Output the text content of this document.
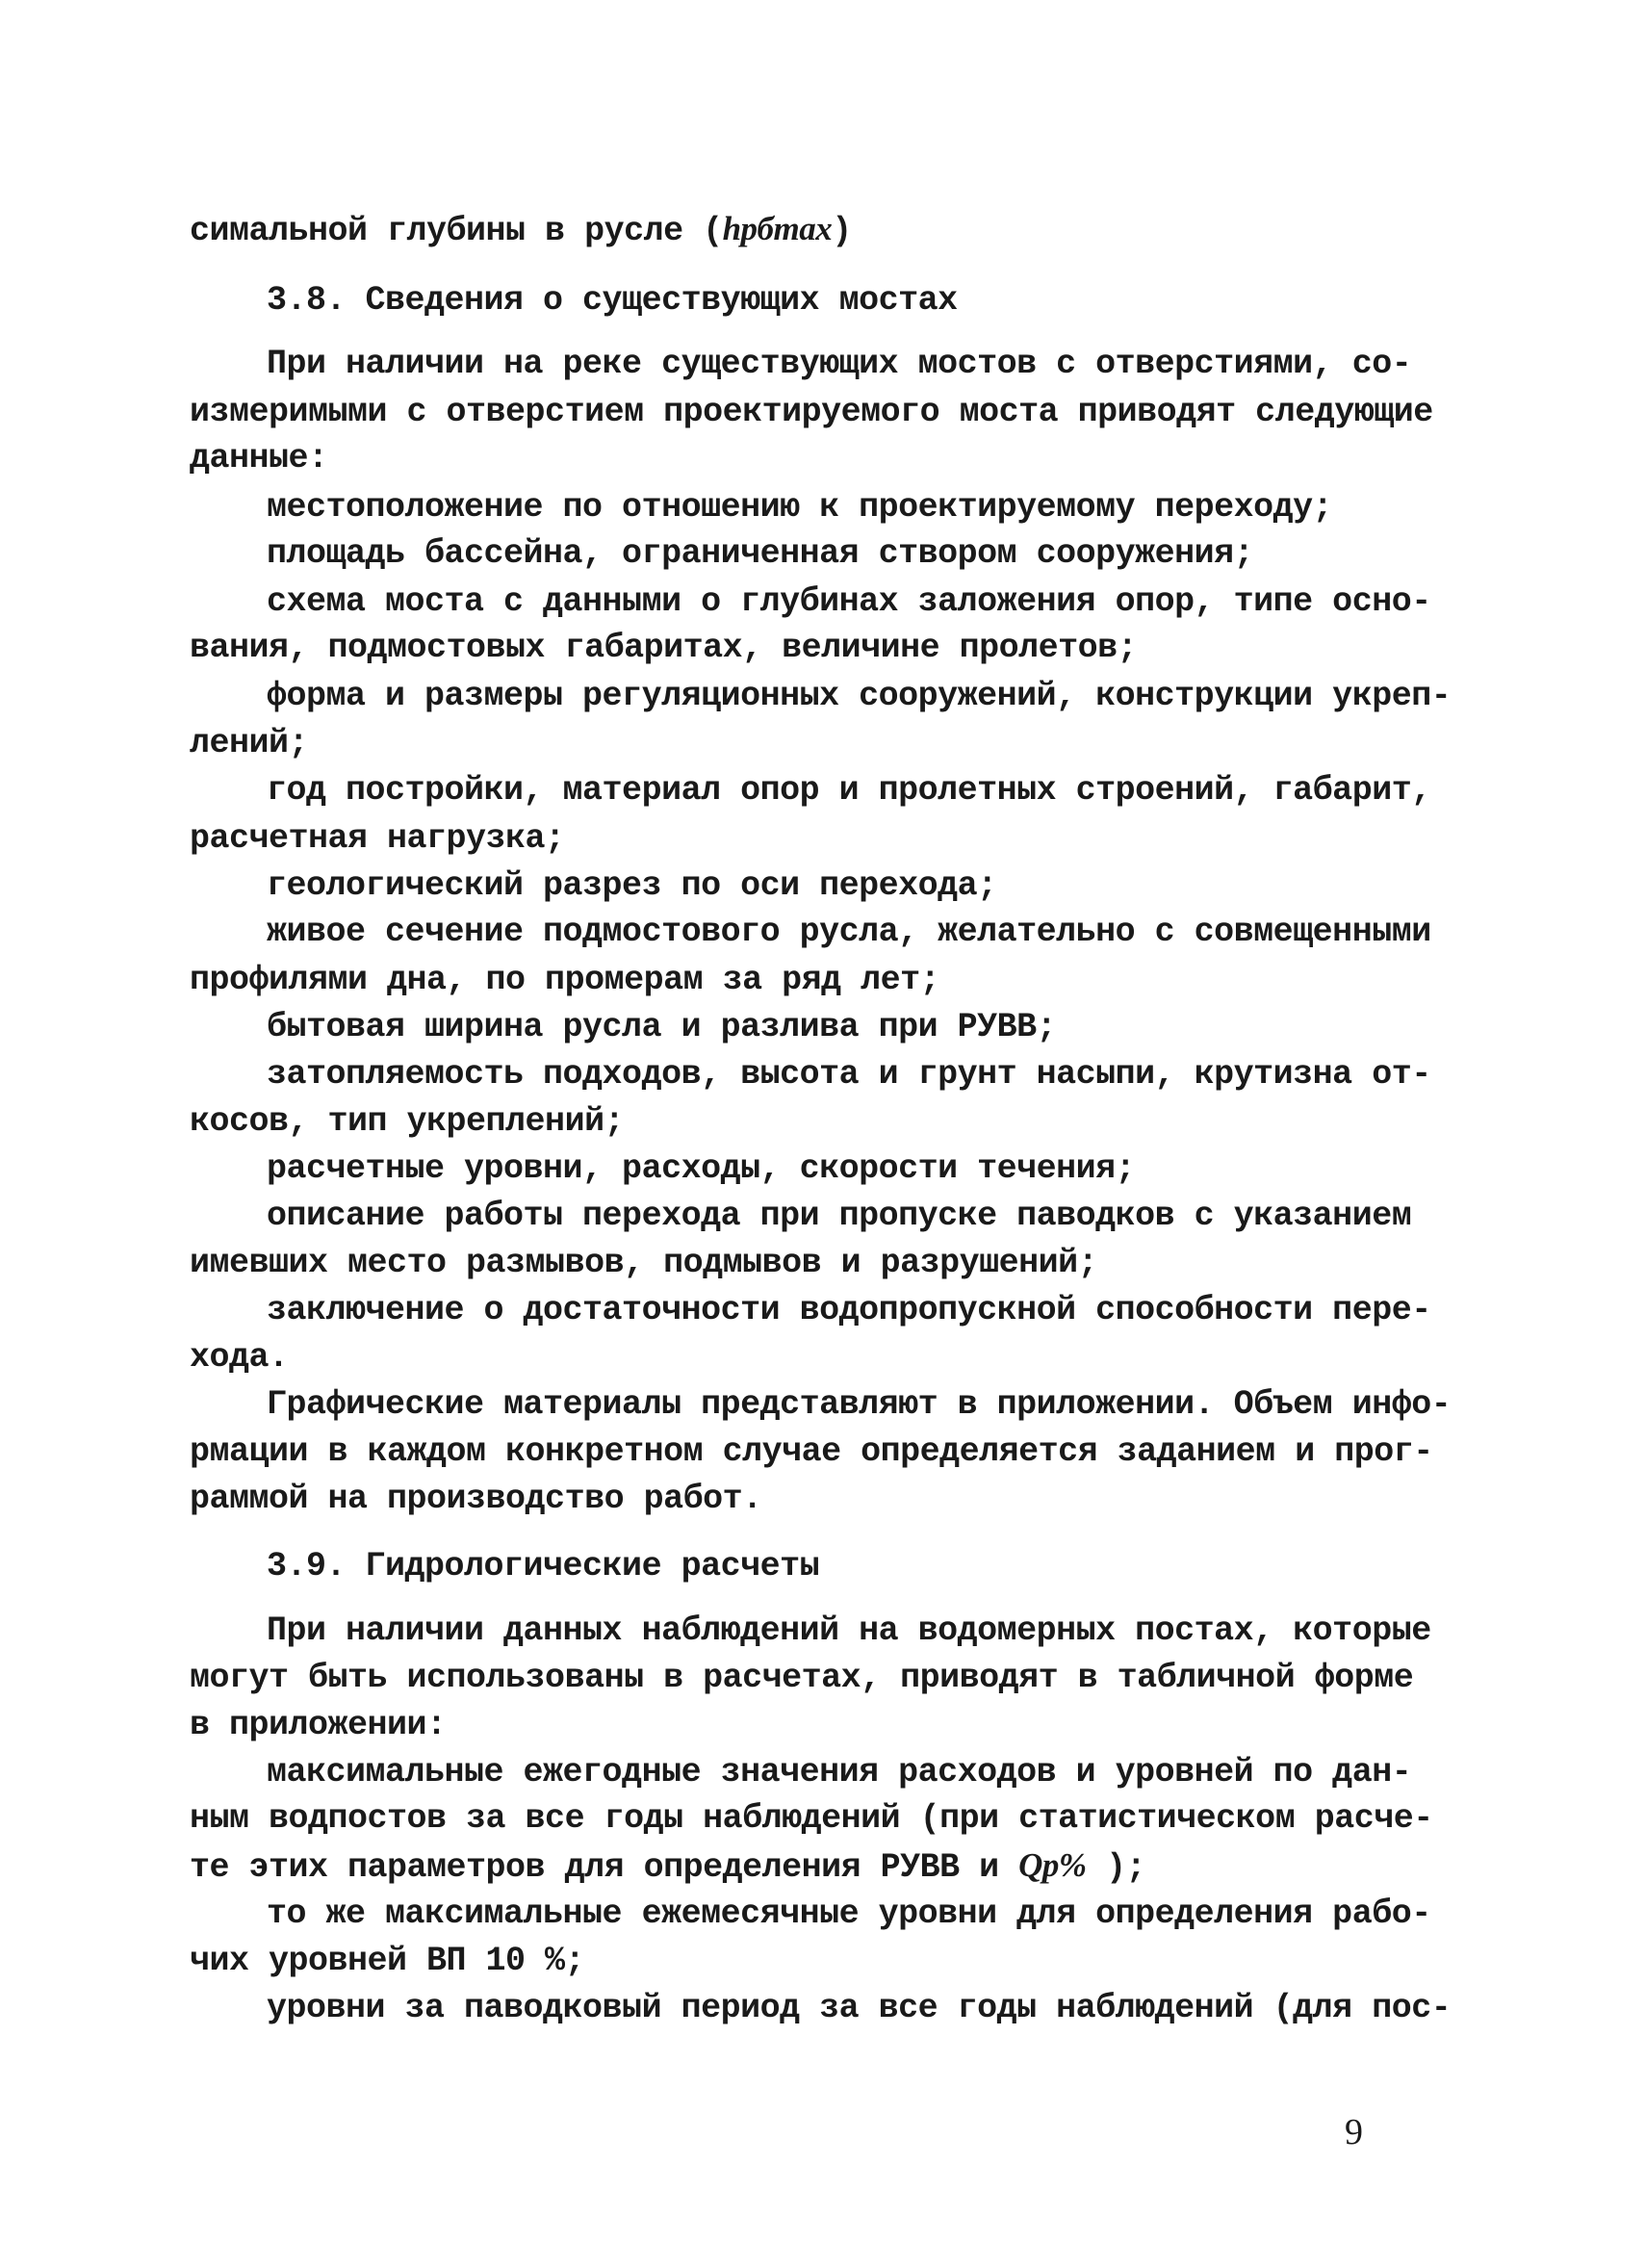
симальной глубины в русле (hрбmax)
3.8. Сведения о существующих мостах
При наличии на реке существующих мостов с отверстиями, со-
измеримыми с отверстием проектируемого моста приводят следующие
данные:
местоположение по отношению к проектируемому переходу;
площадь бассейна, ограниченная створом сооружения;
схема моста с данными о глубинах заложения опор, типе осно-
вания, подмостовых габаритах, величине пролетов;
форма и размеры регуляционных сооружений, конструкции укреп-
лений;
год постройки, материал опор и пролетных строений, габарит,
расчетная нагрузка;
геологический разрез по оси перехода;
живое сечение подмостового русла, желательно с совмещенными
профилями дна, по промерам за ряд лет;
бытовая ширина русла и разлива при РУВВ;
затопляемость подходов, высота и грунт насыпи, крутизна от-
косов, тип укреплений;
расчетные уровни, расходы, скорости течения;
описание работы перехода при пропуске паводков с указанием
имевших место размывов, подмывов и разрушений;
заключение о достаточности водопропускной способности пере-
хода.
Графические материалы представляют в приложении. Объем инфо-
рмации в каждом конкретном случае определяется заданием и прог-
раммой на производство работ.
3.9. Гидрологические расчеты
При наличии данных наблюдений на водомерных постах, которые
могут быть использованы в расчетах, приводят в табличной форме
в приложении:
максимальные ежегодные значения расходов и уровней по дан-
ным водпостов за все годы наблюдений (при статистическом расче-
те этих параметров для определения РУВВ и Qр% );
то же максимальные ежемесячные уровни для определения рабо-
чих уровней ВП 10 %;
уровни за паводковый период за все годы наблюдений (для пос-
9
